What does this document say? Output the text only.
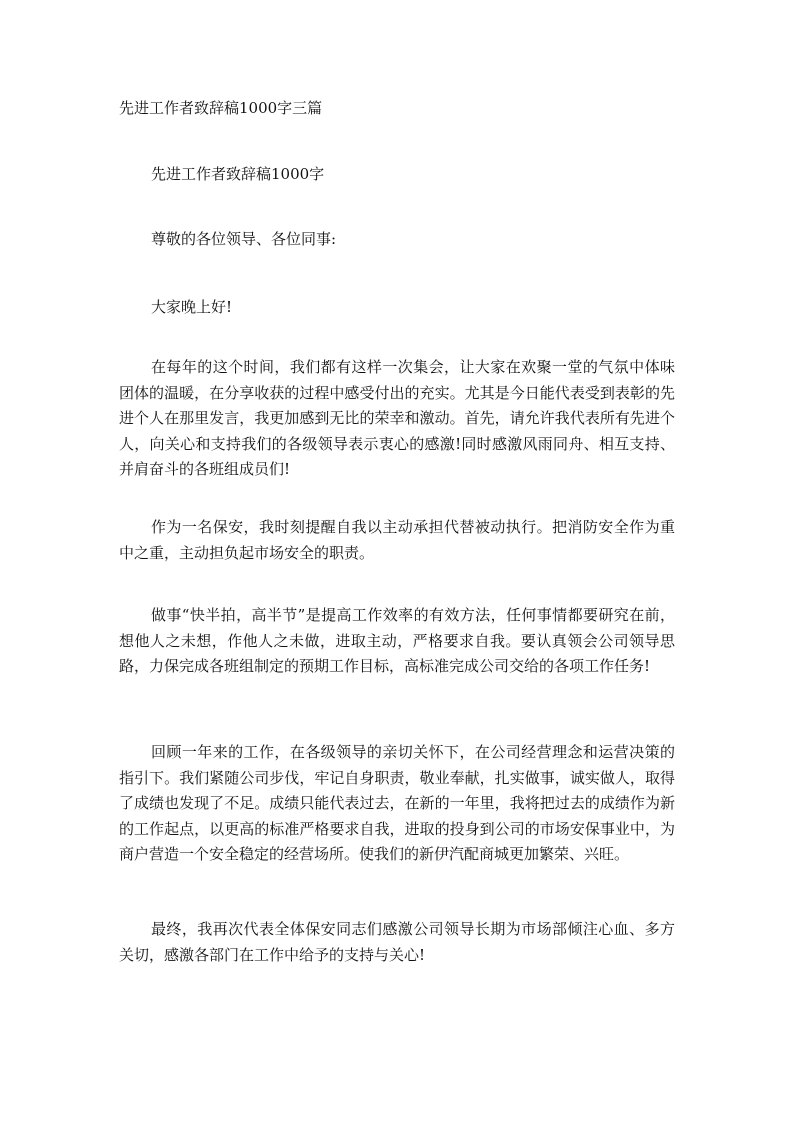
先进工作者致辞稿1000字三篇
先进工作者致辞稿1000字
尊敬的各位领导、各位同事:
大家晚上好!
在每年的这个时间，我们都有这样一次集会，让大家在欢聚一堂的气氛中体味团体的温暖，在分享收获的过程中感受付出的充实。尤其是今日能代表受到表彰的先进个人在那里发言，我更加感到无比的荣幸和激动。首先，请允许我代表所有先进个人，向关心和支持我们的各级领导表示衷心的感激!同时感激风雨同舟、相互支持、并肩奋斗的各班组成员们!
作为一名保安，我时刻提醒自我以主动承担代替被动执行。把消防安全作为重中之重，主动担负起市场安全的职责。
做事“快半拍，高半节”是提高工作效率的有效方法，任何事情都要研究在前，想他人之未想，作他人之未做，进取主动，严格要求自我。要认真领会公司领导思路，力保完成各班组制定的预期工作目标，高标准完成公司交给的各项工作任务!
回顾一年来的工作，在各级领导的亲切关怀下，在公司经营理念和运营决策的指引下。我们紧随公司步伐，牢记自身职责，敬业奉献，扎实做事，诚实做人，取得了成绩也发现了不足。成绩只能代表过去，在新的一年里，我将把过去的成绩作为新的工作起点，以更高的标准严格要求自我，进取的投身到公司的市场安保事业中，为商户营造一个安全稳定的经营场所。使我们的新伊汽配商城更加繁荣、兴旺。
最终，我再次代表全体保安同志们感激公司领导长期为市场部倾注心血、多方关切，感激各部门在工作中给予的支持与关心!
